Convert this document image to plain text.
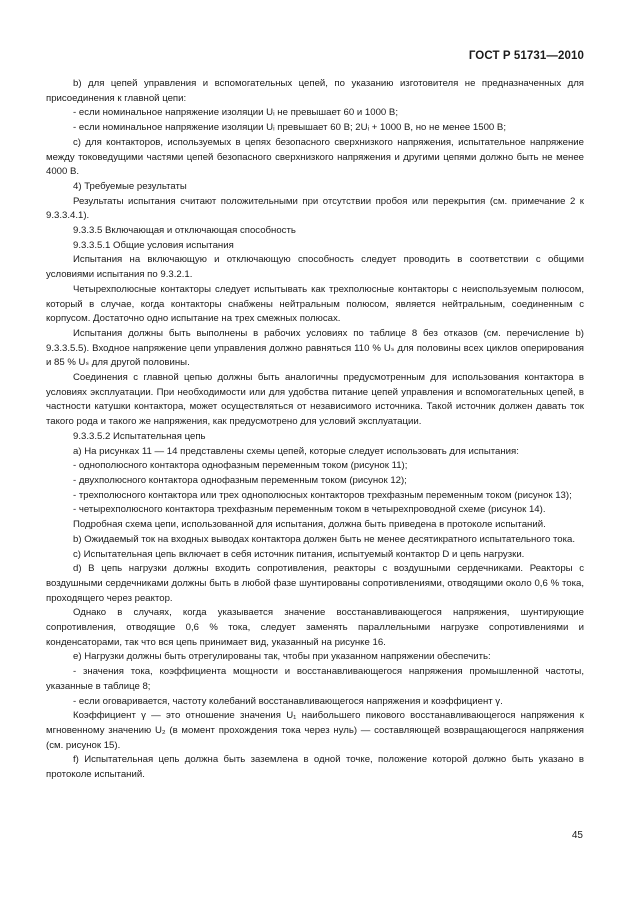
ГОСТ Р 51731—2010

b) для цепей управления и вспомогательных цепей, по указанию изготовителя не предназначенных для присоединения к главной цепи:

- если номинальное напряжение изоляции Uᵢ не превышает 60 и 1000 В;

- если номинальное напряжение изоляции Uᵢ превышает 60 В; 2Uᵢ + 1000 В, но не менее 1500 В;

c) для контакторов, используемых в цепях безопасного сверхнизкого напряжения, испытательное напряжение между токоведущими частями цепей безопасного сверхнизкого напряжения и другими цепями должно быть не менее 4000 В.

4) Требуемые результаты

Результаты испытания считают положительными при отсутствии пробоя или перекрытия (см. примечание 2 к 9.3.3.4.1).

9.3.3.5 Включающая и отключающая способность

9.3.3.5.1 Общие условия испытания

Испытания на включающую и отключающую способность следует проводить в соответствии с общими условиями испытания по 9.3.2.1.

Четырехполюсные контакторы следует испытывать как трехполюсные контакторы с неиспользуемым полюсом, который в случае, когда контакторы снабжены нейтральным полюсом, является нейтральным, соединенным с корпусом. Достаточно одно испытание на трех смежных полюсах.

Испытания должны быть выполнены в рабочих условиях по таблице 8 без отказов (см. перечисление b) 9.3.3.5.5). Входное напряжение цепи управления должно равняться 110 % Uₛ для половины всех циклов оперирования и 85 % Uₛ для другой половины.

Соединения с главной цепью должны быть аналогичны предусмотренным для использования контактора в условиях эксплуатации. При необходимости или для удобства питание цепей управления и вспомогательных цепей, в частности катушки контактора, может осуществляться от независимого источника. Такой источник должен давать ток такого рода и такого же напряжения, как предусмотрено для условий эксплуатации.

9.3.3.5.2 Испытательная цепь

a) На рисунках 11 — 14 представлены схемы цепей, которые следует использовать для испытания:

- однополюсного контактора однофазным переменным током (рисунок 11);

- двухполюсного контактора однофазным переменным током (рисунок 12);

- трехполюсного контактора или трех однополюсных контакторов трехфазным переменным током (рисунок 13);

- четырехполюсного контактора трехфазным переменным током в четырехпроводной схеме (рисунок 14).

Подробная схема цепи, использованной для испытания, должна быть приведена в протоколе испытаний.

b) Ожидаемый ток на входных выводах контактора должен быть не менее десятикратного испытательного тока.

c) Испытательная цепь включает в себя источник питания, испытуемый контактор D и цепь нагрузки.

d) В цепь нагрузки должны входить сопротивления, реакторы с воздушными сердечниками. Реакторы с воздушными сердечниками должны быть в любой фазе шунтированы сопротивлениями, отводящими около 0,6 % тока, проходящего через реактор.

Однако в случаях, когда указывается значение восстанавливающегося напряжения, шунтирующие сопротивления, отводящие 0,6 % тока, следует заменять параллельными нагрузке сопротивлениями и конденсаторами, так что вся цепь принимает вид, указанный на рисунке 16.

e) Нагрузки должны быть отрегулированы так, чтобы при указанном напряжении обеспечить:

- значения тока, коэффициента мощности и восстанавливающегося напряжения промышленной частоты, указанные в таблице 8;

- если оговаривается, частоту колебаний восстанавливающегося напряжения и коэффициент γ.

Коэффициент γ — это отношение значения U₁ наибольшего пикового восстанавливающегося напряжения к мгновенному значению U₂ (в момент прохождения тока через нуль) — составляющей возвращающегося напряжения (см. рисунок 15).

f) Испытательная цепь должна быть заземлена в одной точке, положение которой должно быть указано в протоколе испытаний.

45
